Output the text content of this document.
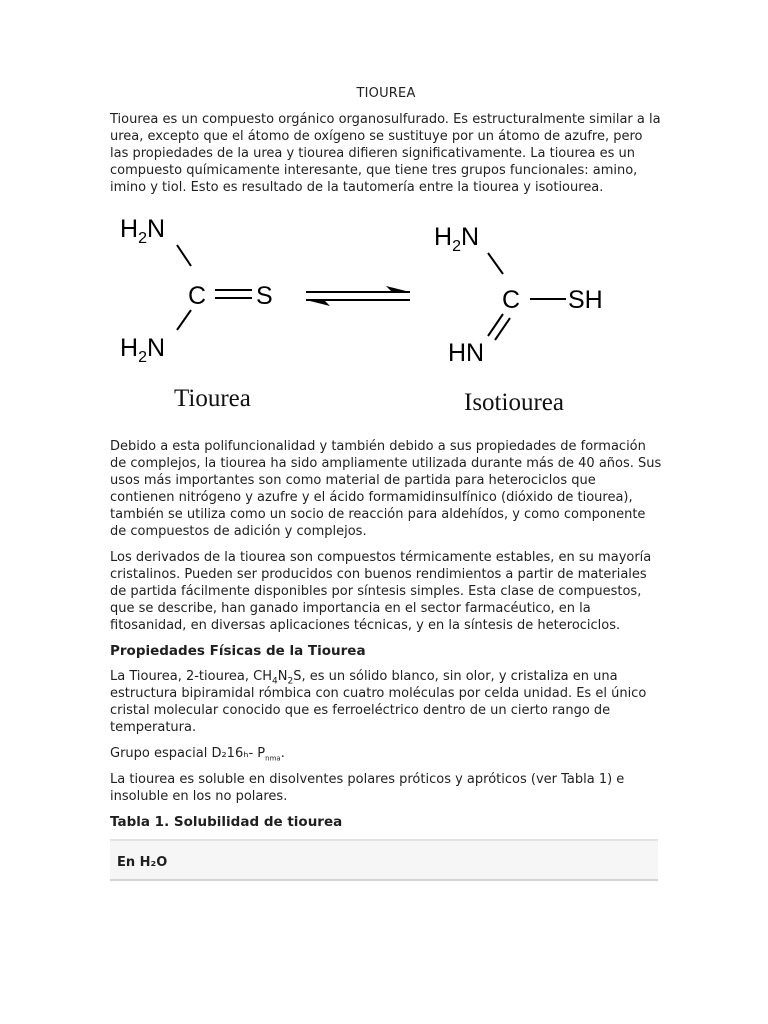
TIOUREA

Tiourea es un compuesto orgánico organosulfurado. Es estructuralmente similar a la urea, excepto que el átomo de oxígeno se sustituye por un átomo de azufre, pero las propiedades de la urea y tiourea difieren significativamente. La tiourea es un compuesto químicamente interesante, que tiene tres grupos funcionales: amino, imino y tiol. Esto es resultado de la tautomería entre la tiourea y isotiourea.

$H_2N$
C S
$H_2N$
$H_2N$
C SH
HN
Tiourea	Isotiourea

Debido a esta polifuncionalidad y también debido a sus propiedades de formación de complejos, la tiourea ha sido ampliamente utilizada durante más de 40 años. Sus usos más importantes son como material de partida para heterociclos que contienen nitrógeno y azufre y el ácido formamidinsulfínico (dióxido de tiourea), también se utiliza como un socio de reacción para aldehídos, y como componente de compuestos de adición y complejos.

Los derivados de la tiourea son compuestos térmicamente estables, en su mayoría cristalinos. Pueden ser producidos con buenos rendimientos a partir de materiales de partida fácilmente disponibles por síntesis simples. Esta clase de compuestos, que se describe, han ganado importancia en el sector farmacéutico, en la fitosanidad, en diversas aplicaciones técnicas, y en la síntesis de heterociclos.

Propiedades Físicas de la Tiourea

La Tiourea, 2-tiourea, $CH_4N_2S$, es un sólido blanco, sin olor, y cristaliza en una estructura bipiramidal rómbica con cuatro moléculas por celda unidad. Es el único cristal molecular conocido que es ferroeléctrico dentro de un cierto rango de temperatura.

Grupo espacial D₂16ₕ- $P_{nma}$.

La tiourea es soluble en disolventes polares próticos y apróticos (ver Tabla 1) e insoluble en los no polares.

Tabla 1. Solubilidad de tiourea
En H₂O
